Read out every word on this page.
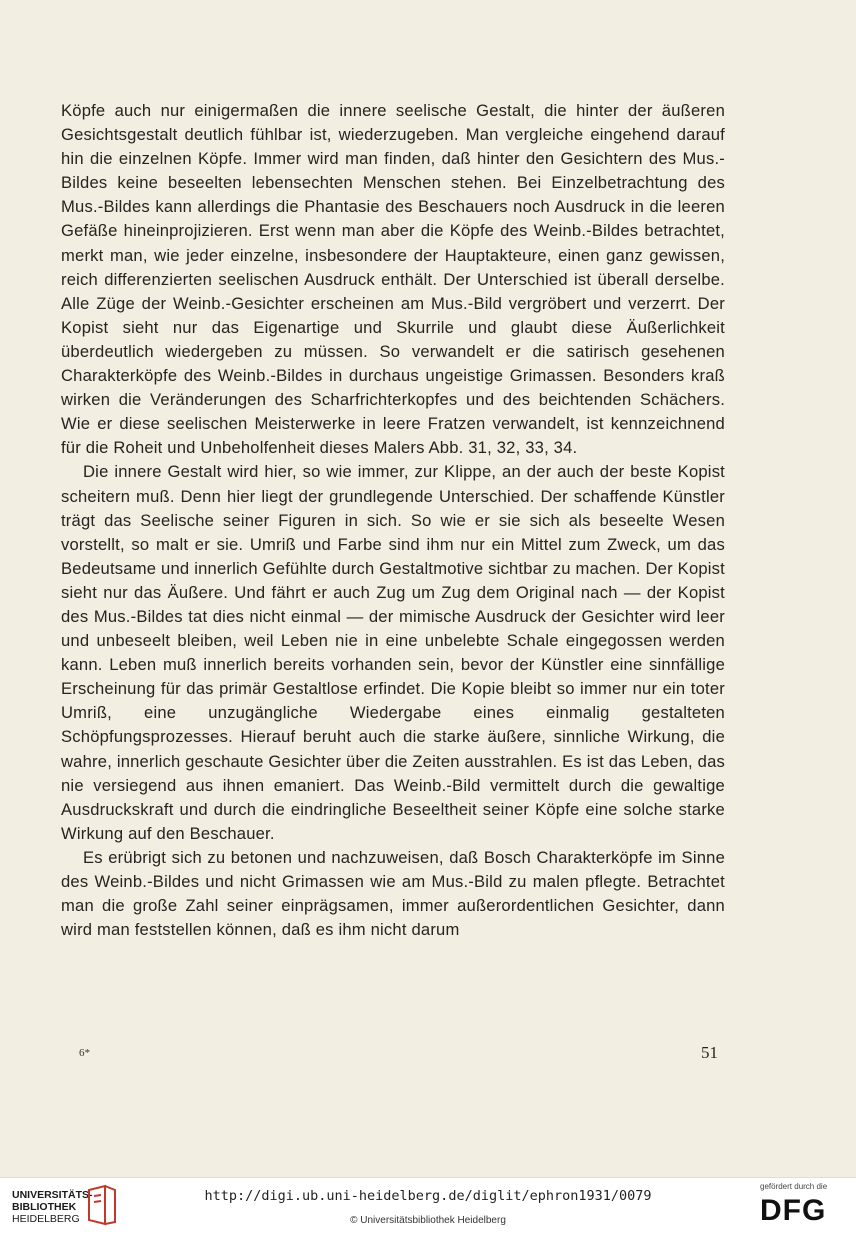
Köpfe auch nur einigermaßen die innere seelische Gestalt, die hinter der äußeren Gesichtsgestalt deutlich fühlbar ist, wiederzugeben. Man vergleiche eingehend darauf hin die einzelnen Köpfe. Immer wird man finden, daß hinter den Gesichtern des Mus.-Bildes keine beseelten lebensechten Menschen stehen. Bei Einzelbetrachtung des Mus.-Bildes kann allerdings die Phantasie des Beschauers noch Ausdruck in die leeren Gefäße hineinprojizieren. Erst wenn man aber die Köpfe des Weinb.-Bildes betrachtet, merkt man, wie jeder einzelne, insbesondere der Hauptakteure, einen ganz gewissen, reich differenzierten seelischen Ausdruck enthält. Der Unterschied ist überall derselbe. Alle Züge der Weinb.-Gesichter erscheinen am Mus.-Bild vergröbert und verzerrt. Der Kopist sieht nur das Eigenartige und Skurrile und glaubt diese Äußerlichkeit überdeutlich wiedergeben zu müssen. So verwandelt er die satirisch gesehenen Charakterköpfe des Weinb.-Bildes in durchaus ungeistige Grimassen. Besonders kraß wirken die Veränderungen des Scharfrichterkopfes und des beichtenden Schächers. Wie er diese seelischen Meisterwerke in leere Fratzen verwandelt, ist kennzeichnend für die Roheit und Unbeholfenheit dieses Malers Abb. 31, 32, 33, 34.

Die innere Gestalt wird hier, so wie immer, zur Klippe, an der auch der beste Kopist scheitern muß. Denn hier liegt der grundlegende Unterschied. Der schaffende Künstler trägt das Seelische seiner Figuren in sich. So wie er sie sich als beseelte Wesen vorstellt, so malt er sie. Umriß und Farbe sind ihm nur ein Mittel zum Zweck, um das Bedeutsame und innerlich Gefühlte durch Gestaltmotive sichtbar zu machen. Der Kopist sieht nur das Äußere. Und fährt er auch Zug um Zug dem Original nach — der Kopist des Mus.-Bildes tat dies nicht einmal — der mimische Ausdruck der Gesichter wird leer und unbeseelt bleiben, weil Leben nie in eine unbelebte Schale eingegossen werden kann. Leben muß innerlich bereits vorhanden sein, bevor der Künstler eine sinnfällige Erscheinung für das primär Gestaltlose erfindet. Die Kopie bleibt so immer nur ein toter Umriß, eine unzugängliche Wiedergabe eines einmalig gestalteten Schöpfungsprozesses. Hierauf beruht auch die starke äußere, sinnliche Wirkung, die wahre, innerlich geschaute Gesichter über die Zeiten ausstrahlen. Es ist das Leben, das nie versiegend aus ihnen emaniert. Das Weinb.-Bild vermittelt durch die gewaltige Ausdruckskraft und durch die eindringliche Beseeltheit seiner Köpfe eine solche starke Wirkung auf den Beschauer.

Es erübrigt sich zu betonen und nachzuweisen, daß Bosch Charakterköpfe im Sinne des Weinb.-Bildes und nicht Grimassen wie am Mus.-Bild zu malen pflegte. Betrachtet man die große Zahl seiner einprägsamen, immer außerordentlichen Gesichter, dann wird man feststellen können, daß es ihm nicht darum

6*	51
UNIVERSITÄTS-
BIBLIOTHEK
HEIDELBERG
http://digi.ub.uni-heidelberg.de/diglit/ephron1931/0079
© Universitätsbibliothek Heidelberg
gefördert durch die
DFG
